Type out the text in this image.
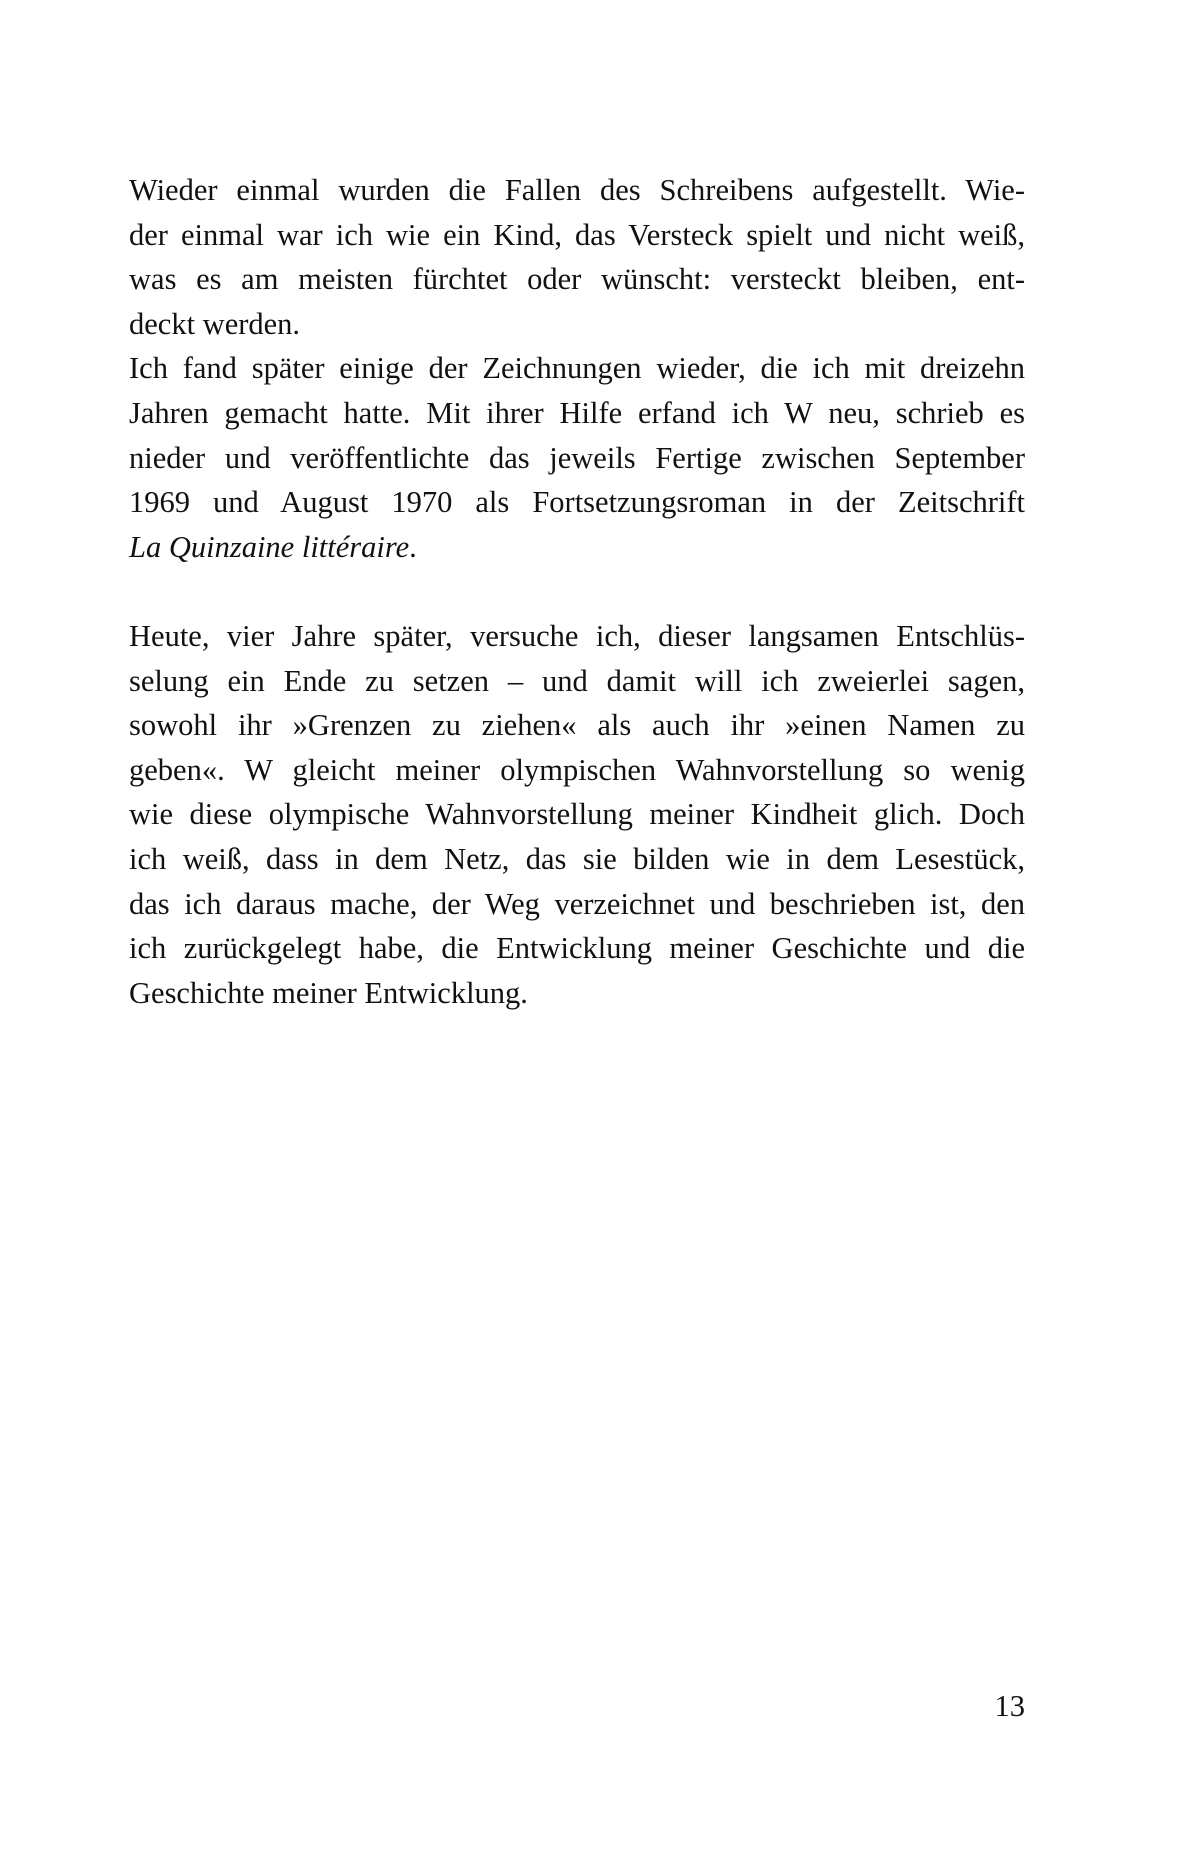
Wieder einmal wurden die Fallen des Schreibens aufgestellt. Wie-
der einmal war ich wie ein Kind, das Versteck spielt und nicht weiß,
was es am meisten fürchtet oder wünscht: versteckt bleiben, ent-
deckt werden.
Ich fand später einige der Zeichnungen wieder, die ich mit dreizehn
Jahren gemacht hatte. Mit ihrer Hilfe erfand ich W neu, schrieb es
nieder und veröffentlichte das jeweils Fertige zwischen September
1969 und August 1970 als Fortsetzungsroman in der Zeitschrift
La Quinzaine littéraire.
Heute, vier Jahre später, versuche ich, dieser langsamen Entschlüs-
selung ein Ende zu setzen – und damit will ich zweierlei sagen,
sowohl ihr »Grenzen zu ziehen« als auch ihr »einen Namen zu
geben«. W gleicht meiner olympischen Wahnvorstellung so wenig
wie diese olympische Wahnvorstellung meiner Kindheit glich. Doch
ich weiß, dass in dem Netz, das sie bilden wie in dem Lesestück,
das ich daraus mache, der Weg verzeichnet und beschrieben ist, den
ich zurückgelegt habe, die Entwicklung meiner Geschichte und die
Geschichte meiner Entwicklung.
13
